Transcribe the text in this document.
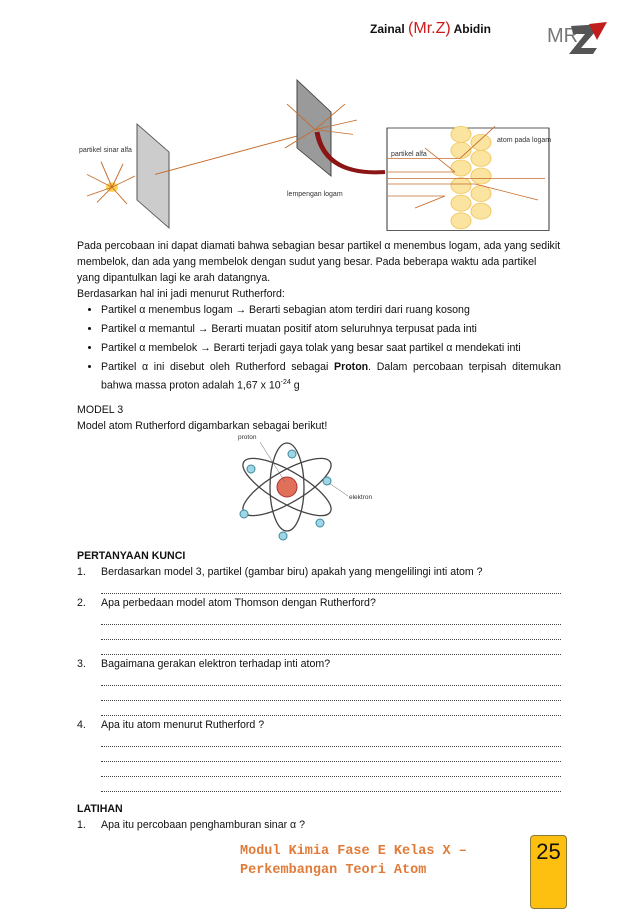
Zainal (Mr.Z) Abidin	MR
partikel sinar alfa
lempengan logam
partikel alfa
atom pada logam

Pada percobaan ini dapat diamati bahwa sebagian besar partikel α menembus logam, ada yang sedikit membelok, dan ada yang membelok dengan sudut yang besar. Pada beberapa waktu ada partikel yang dipantulkan lagi ke arah datangnya.

Berdasarkan hal ini jadi menurut Rutherford:

• Partikel α menembus logam → Berarti sebagian atom terdiri dari ruang kosong
• Partikel α memantul → Berarti muatan positif atom seluruhnya terpusat pada inti
• Partikel α membelok → Berarti terjadi gaya tolak yang besar saat partikel α mendekati inti
• Partikel α ini disebut oleh Rutherford sebagai Proton. Dalam percobaan terpisah ditemukan bahwa massa proton adalah 1,67 x $10^{-24}$ g

MODEL 3

Model atom Rutherford digambarkan sebagai berikut!

proton
elektron

PERTANYAAN KUNCI

1.	Berdasarkan model 3, partikel (gambar biru) apakah yang mengelilingi inti atom ?
2.	Apa perbedaan model atom Thomson dengan Rutherford?
3.	Bagaimana gerakan elektron terhadap inti atom?
4.	Apa itu atom menurut Rutherford ?

LATIHAN

1.	Apa itu percobaan penghamburan sinar α ?
Modul Kimia Fase E Kelas X –
Perkembangan Teori Atom
25
